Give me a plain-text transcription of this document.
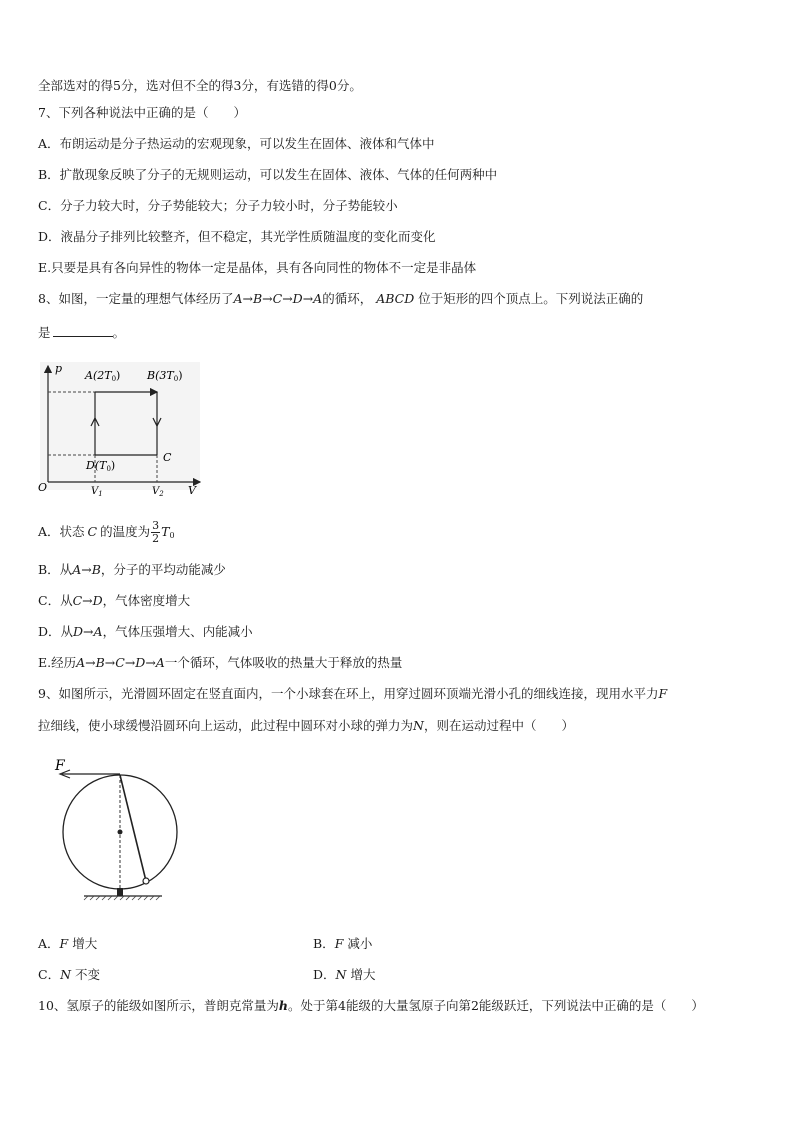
全部选对的得5分，选对但不全的得3分，有选错的得0分。
7、下列各种说法中正确的是（　　）
A．布朗运动是分子热运动的宏观现象，可以发生在固体、液体和气体中
B．扩散现象反映了分子的无规则运动，可以发生在固体、液体、气体的任何两种中
C．分子力较大时，分子势能较大；分子力较小时，分子势能较小
D．液晶分子排列比较整齐，但不稳定，其光学性质随温度的变化而变化
E.只要是具有各向异性的物体一定是晶体，具有各向同性的物体不一定是非晶体
8、如图，一定量的理想气体经历了A→B→C→D→A的循环， ABCD 位于矩形的四个顶点上。下列说法正确的
是	。
p
V
O
A(2T0) B(3T0)
C
D(T0)
$V_1$	$V_2$
A．状态 C 的温度为 $\frac{3}{2} T_0$
B．从A→B，分子的平均动能减少
C．从C→D，气体密度增大
D．从D→A，气体压强增大、内能减小
E.经历A→B→C→D→A一个循环，气体吸收的热量大于释放的热量
9、如图所示，光滑圆环固定在竖直面内，一个小球套在环上，用穿过圆环顶端光滑小孔的细线连接，现用水平力F
拉细线，使小球缓慢沿圆环向上运动，此过程中圆环对小球的弹力为N，则在运动过程中（　　）
F
A．F 增大	B．F 减小
C．N 不变	D．N 增大
10、氢原子的能级如图所示，普朗克常量为h。处于第4能级的大量氢原子向第2能级跃迁，下列说法中正确的是（　　）
